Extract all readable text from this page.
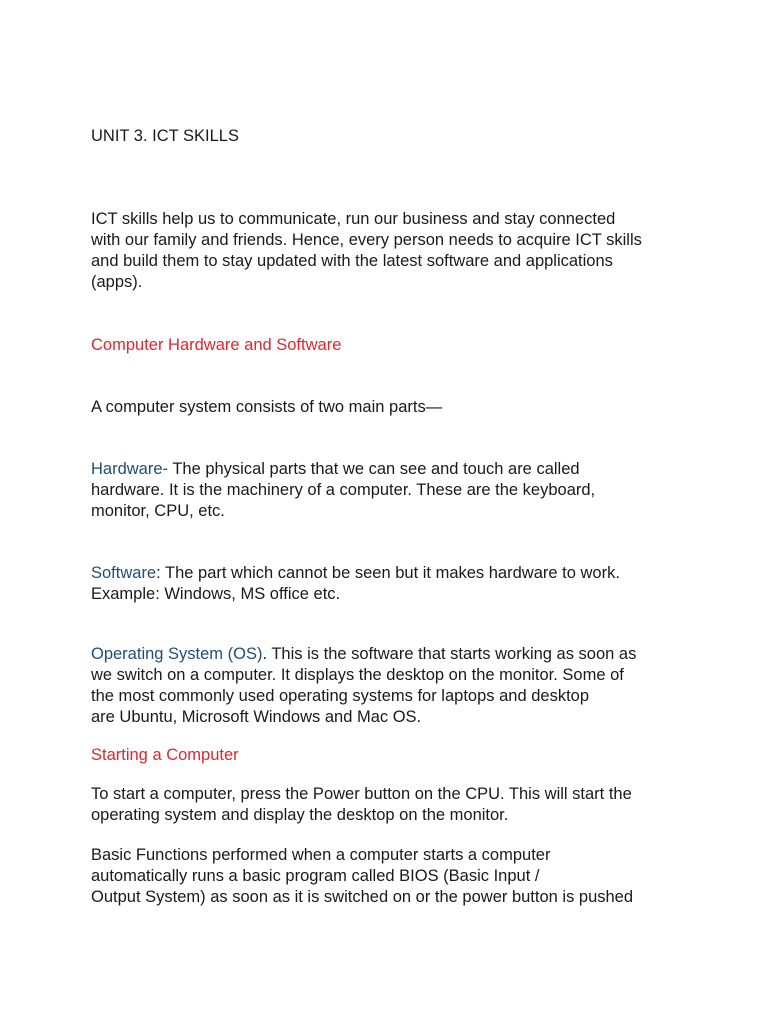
UNIT 3. ICT SKILLS

ICT skills help us to communicate, run our business and stay connected
with our family and friends. Hence, every person needs to acquire ICT skills
and build them to stay updated with the latest software and applications
(apps).

Computer Hardware and Software

A computer system consists of two main parts—

Hardware- The physical parts that we can see and touch are called
hardware. It is the machinery of a computer. These are the keyboard,
monitor, CPU, etc.

Software: The part which cannot be seen but it makes hardware to work.
Example: Windows, MS office etc.

Operating System (OS). This is the software that starts working as soon as
we switch on a computer. It displays the desktop on the monitor. Some of
the most commonly used operating systems for laptops and desktop
are Ubuntu, Microsoft Windows and Mac OS.

Starting a Computer

To start a computer, press the Power button on the CPU. This will start the
operating system and display the desktop on the monitor.

Basic Functions performed when a computer starts a computer
automatically runs a basic program called BIOS (Basic Input /
Output System) as soon as it is switched on or the power button is pushed
